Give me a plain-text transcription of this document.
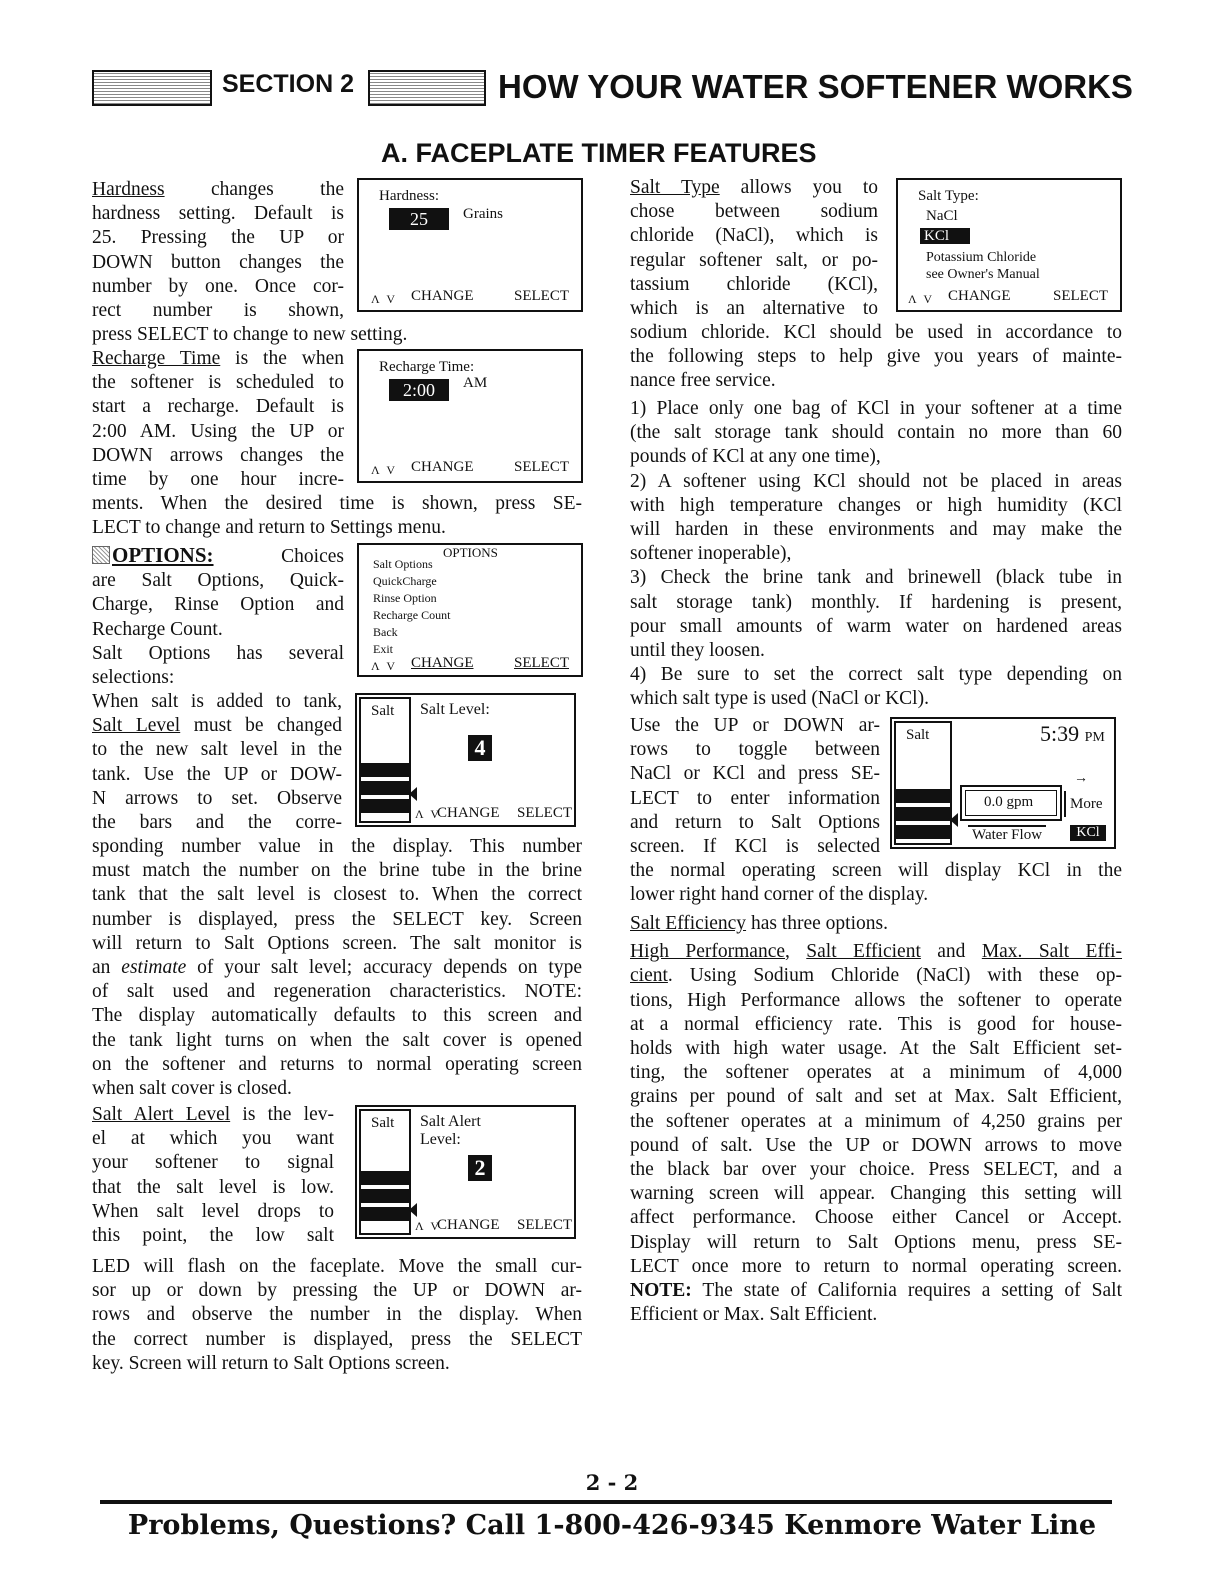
SECTION 2	HOW YOUR WATER SOFTENER WORKS
A. FACEPLATE TIMER FEATURES
Hardness changes the
hardness setting. Default is
25. Pressing the UP or
DOWN button changes the
number by one. Once cor-
rect number is shown,
press SELECT to change to new setting.
Recharge Time is the when
the softener is scheduled to
start a recharge. Default is
2:00 AM. Using the UP or
DOWN arrows changes the
time by one hour incre-
ments. When the desired time is shown, press SE-
LECT to change and return to Settings menu.
OPTIONS: Choices
are Salt Options, Quick-
Charge, Rinse Option and
Recharge Count.
Salt Options has several
selections:
When salt is added to tank,
Salt Level must be changed
to the new salt level in the
tank. Use the UP or DOW-
N arrows to set. Observe
the bars and the corre-
sponding number value in the display. This number
must match the number on the brine tube in the brine
tank that the salt level is closest to. When the correct
number is displayed, press the SELECT key. Screen
will return to Salt Options screen. The salt monitor is
an estimate of your salt level; accuracy depends on type
of salt used and regeneration characteristics. NOTE:
The display automatically defaults to this screen and
the tank light turns on when the salt cover is opened
on the softener and returns to normal operating screen
when salt cover is closed.
Salt Alert Level is the lev-
el at which you want
your softener to signal
that the salt level is low.
When salt level drops to
this point, the low salt
LED will flash on the faceplate. Move the small cur-
sor up or down by pressing the UP or DOWN ar-
rows and observe the number in the display. When
the correct number is displayed, press the SELECT
key. Screen will return to Salt Options screen.
Salt Type allows you to
chose between sodium
chloride (NaCl), which is
regular softener salt, or po-
tassium chloride (KCl),
which is an alternative to
sodium chloride. KCl should be used in accordance to
the following steps to help give you years of mainte-
nance free service.
1) Place only one bag of KCl in your softener at a time
(the salt storage tank should contain no more than 60
pounds of KCl at any one time),
2) A softener using KCl should not be placed in areas
with high temperature changes or high humidity (KCl
will harden in these environments and may make the
softener inoperable),
3) Check the brine tank and brinewell (black tube in
salt storage tank) monthly. If hardening is present,
pour small amounts of warm water on hardened areas
until they loosen.
4) Be sure to set the correct salt type depending on
which salt type is used (NaCl or KCl).
Use the UP or DOWN ar-
rows to toggle between
NaCl or KCl and press SE-
LECT to enter information
and return to Salt Options
screen. If KCl is selected
the normal operating screen will display KCl in the
lower right hand corner of the display.
Salt Efficiency has three options.
High Performance, Salt Efficient and Max. Salt Effi-
cient. Using Sodium Chloride (NaCl) with these op-
tions, High Performance allows the softener to operate
at a normal efficiency rate. This is good for house-
holds with high water usage. At the Salt Efficient set-
ting, the softener operates at a minimum of 4,000
grains per pound of salt and set at Max. Salt Efficient,
the softener operates at a minimum of 4,250 grains per
pound of salt. Use the UP or DOWN arrows to move
the black bar over your choice. Press SELECT, and a
warning screen will appear. Changing this setting will
affect performance. Choose either Cancel or Accept.
Display will return to Salt Options menu, press SE-
LECT once more to return to normal operating screen.
NOTE: The state of California requires a setting of Salt
Efficient or Max. Salt Efficient.
Hardness:
25	Grains
Λ V CHANGE	SELECT
Recharge Time:
2:00	AM
Λ V CHANGE	SELECT
OPTIONS
Salt Options
QuickCharge
Rinse Option
Recharge Count
Back
Exit
Λ V CHANGE	SELECT
Salt Salt Level:
4
Λ V
CHANGE SELECT
Salt Salt Alert
Level:
2
Λ V
CHANGE SELECT
Salt Type:
NaCl
KCl
Potassium Chloride
see Owner's Manual
Λ V CHANGE	SELECT
Salt	5:39 PM
0.0 gpm
→
More
Water Flow	KCl
2 - 2
Problems, Questions? Call 1-800-426-9345 Kenmore Water Line
